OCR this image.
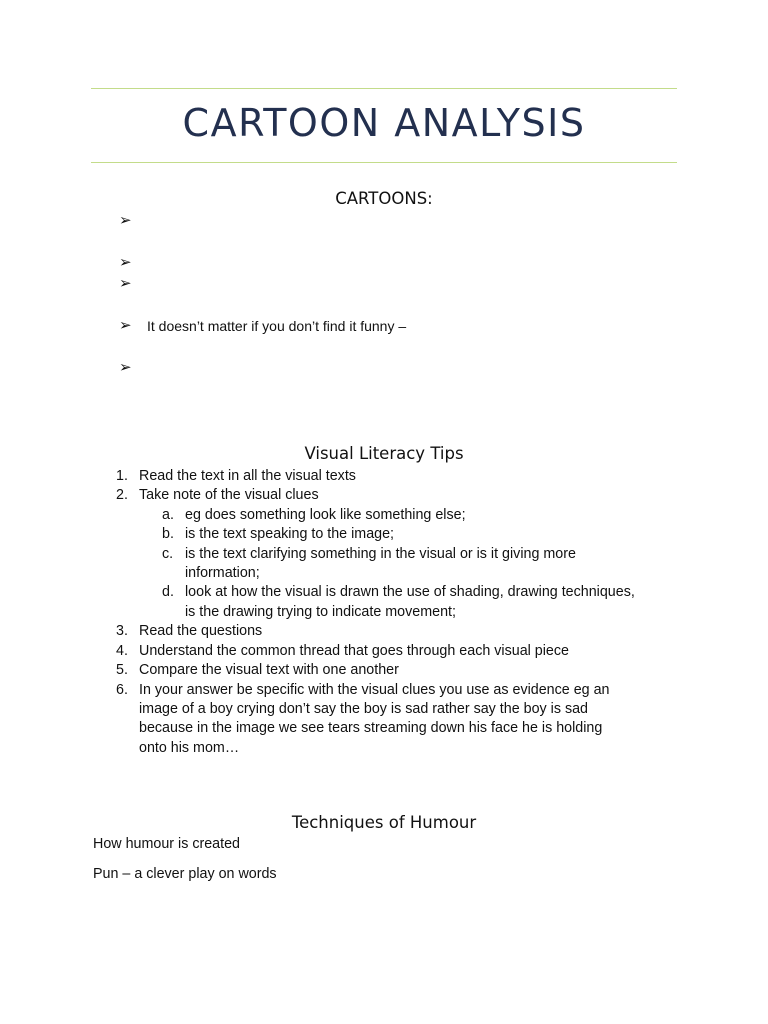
CARTOON ANALYSIS
CARTOONS:
➢
➢
➢
➢ It doesn’t matter if you don’t find it funny –
➢
Visual Literacy Tips
1. Read the text in all the visual texts
2. Take note of the visual clues
a. eg does something look like something else;
b. is the text speaking to the image;
c. is the text clarifying something in the visual or is it giving more
information;
d. look at how the visual is drawn the use of shading, drawing techniques,
is the drawing trying to indicate movement;
3. Read the questions
4. Understand the common thread that goes through each visual piece
5. Compare the visual text with one another
6. In your answer be specific with the visual clues you use as evidence eg an
image of a boy crying don’t say the boy is sad rather say the boy is sad
because in the image we see tears streaming down his face he is holding
onto his mom…
Techniques of Humour
How humour is created
Pun – a clever play on words
